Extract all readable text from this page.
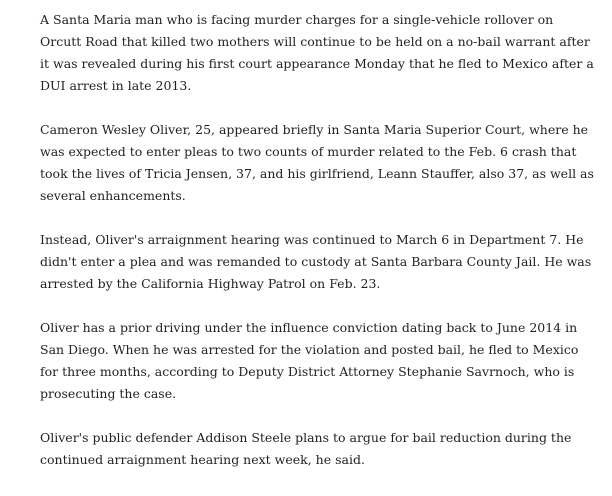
A Santa Maria man who is facing murder charges for a single-vehicle rollover on Orcutt Road that killed two mothers will continue to be held on a no-bail warrant after it was revealed during his first court appearance Monday that he fled to Mexico after a DUI arrest in late 2013.

Cameron Wesley Oliver, 25, appeared briefly in Santa Maria Superior Court, where he was expected to enter pleas to two counts of murder related to the Feb. 6 crash that took the lives of Tricia Jensen, 37, and his girlfriend, Leann Stauffer, also 37, as well as several enhancements.

Instead, Oliver's arraignment hearing was continued to March 6 in Department 7. He didn't enter a plea and was remanded to custody at Santa Barbara County Jail. He was arrested by the California Highway Patrol on Feb. 23.

Oliver has a prior driving under the influence conviction dating back to June 2014 in San Diego. When he was arrested for the violation and posted bail, he fled to Mexico for three months, according to Deputy District Attorney Stephanie Savrnoch, who is prosecuting the case.

Oliver's public defender Addison Steele plans to argue for bail reduction during the continued arraignment hearing next week, he said.
